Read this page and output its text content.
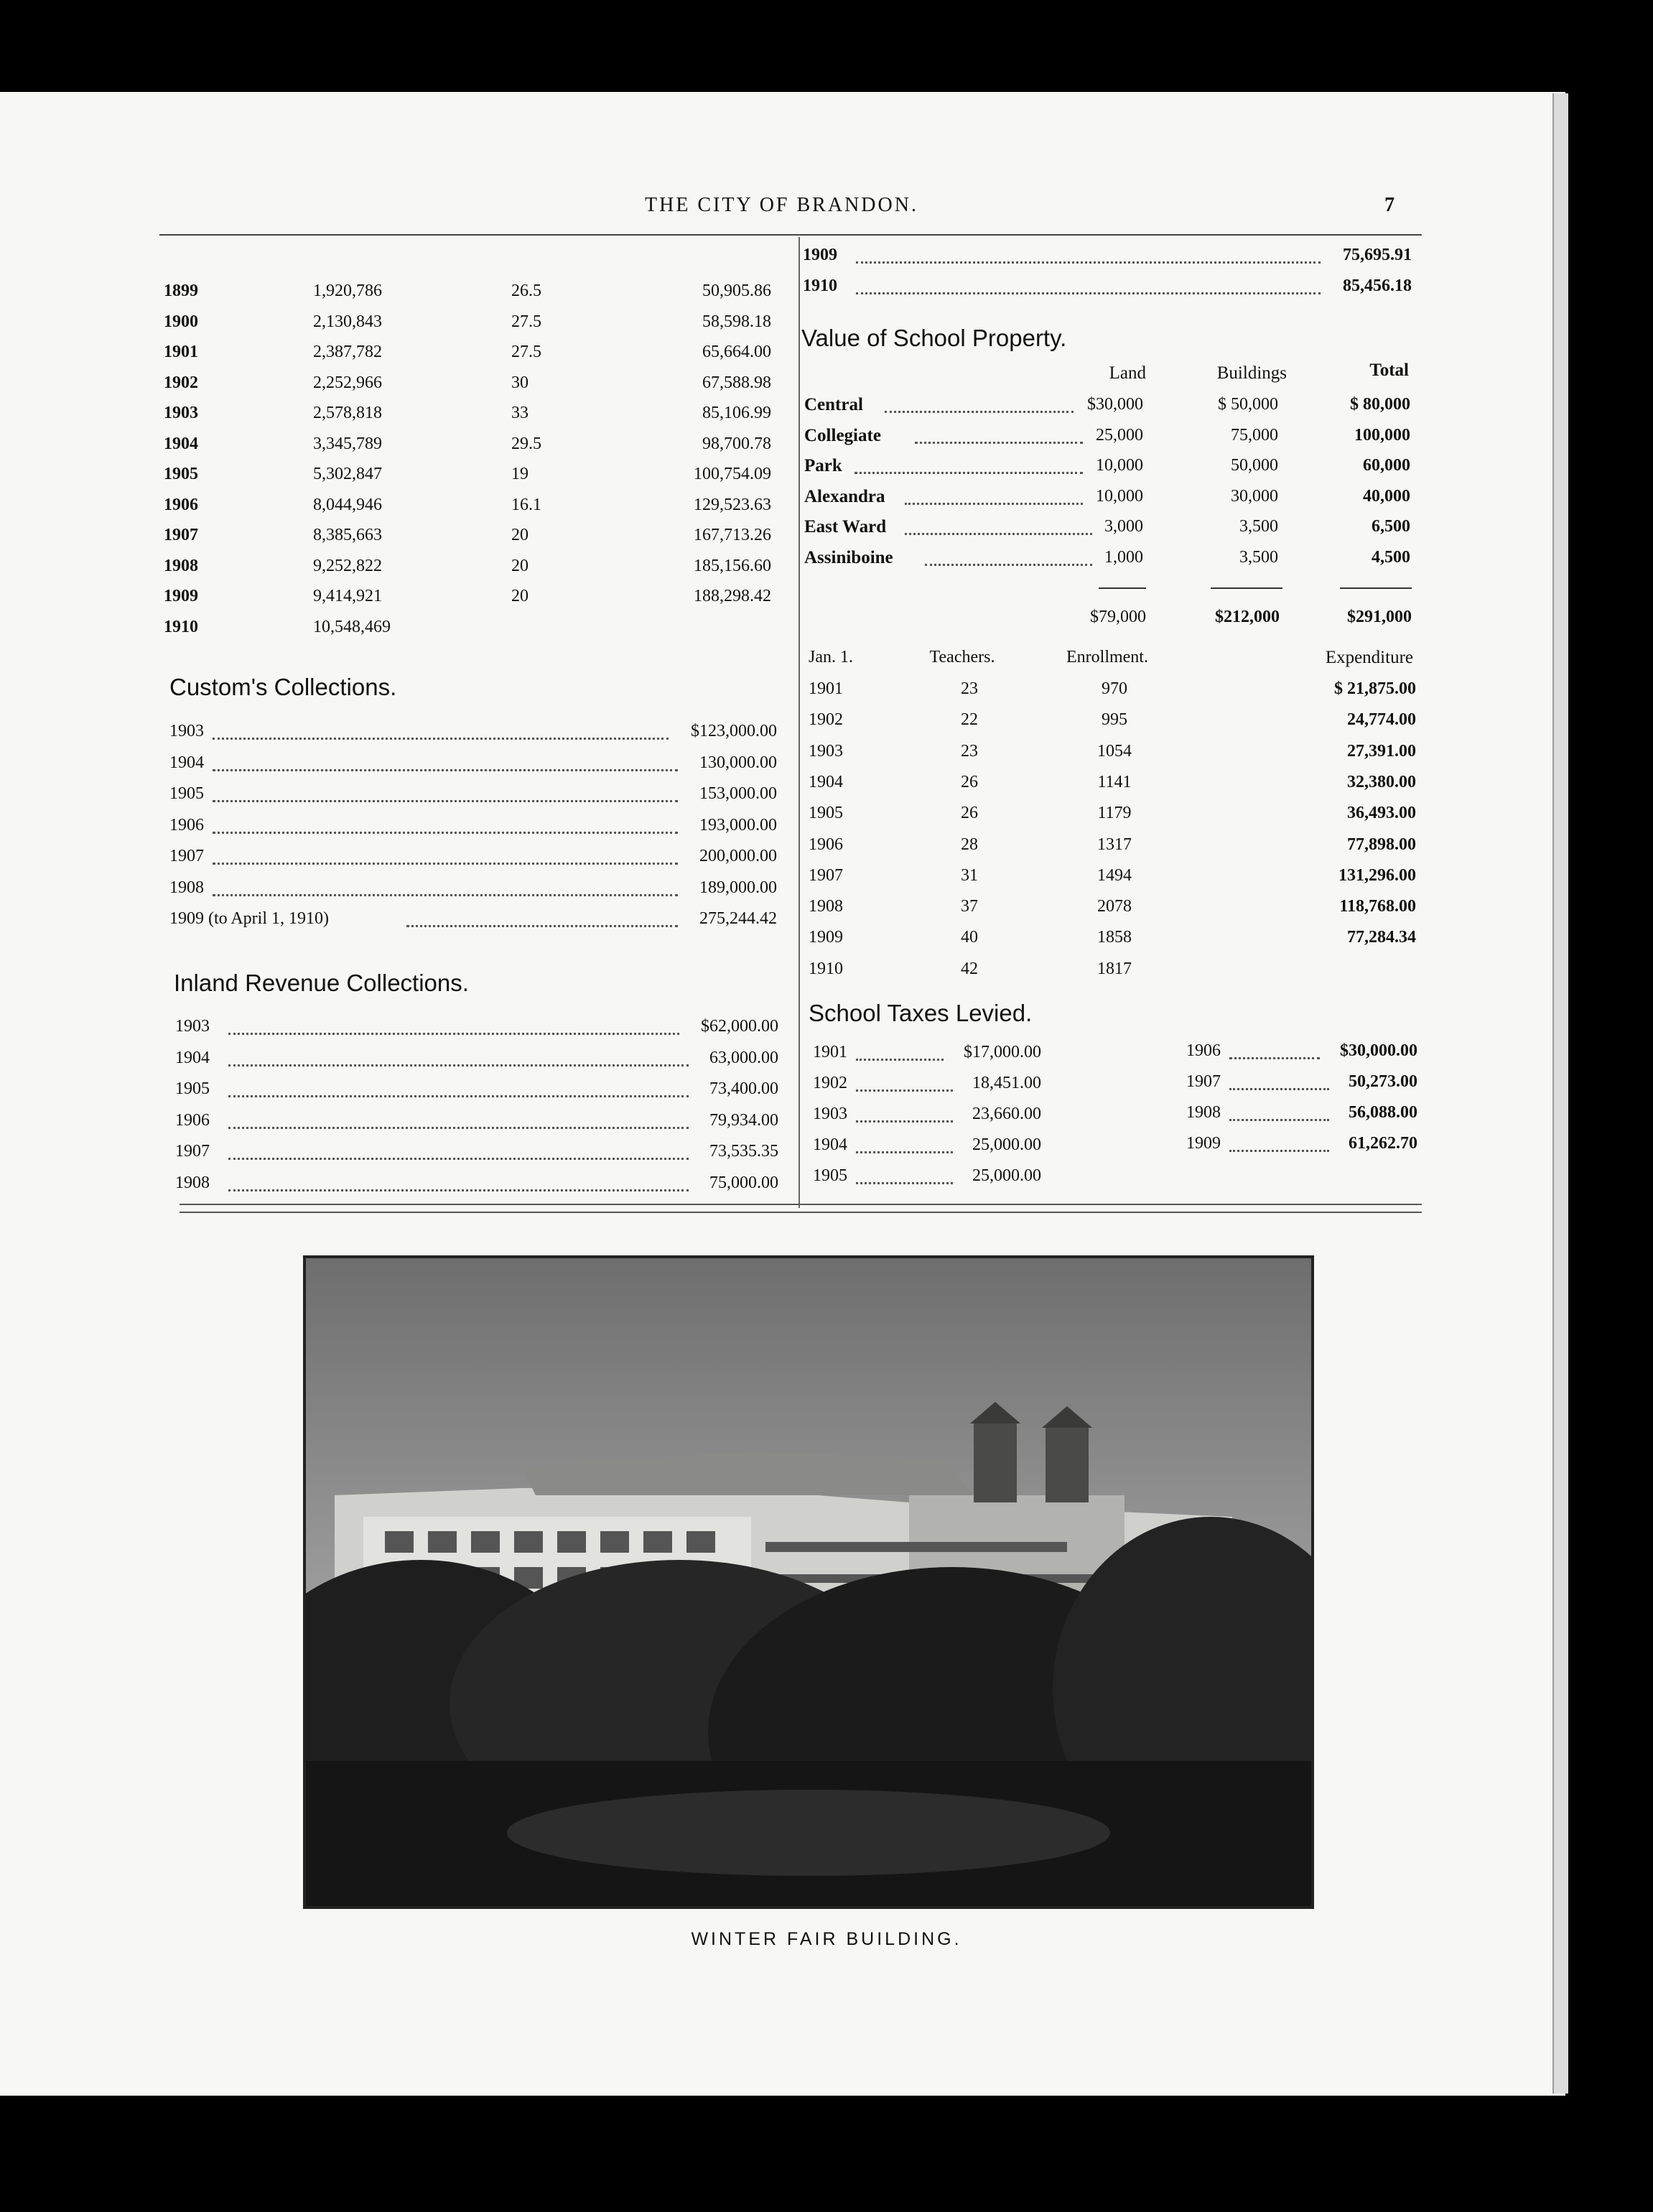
THE CITY OF BRANDON.	7
1899	1,920,786	26.5	50,905.86
1900	2,130,843	27.5	58,598.18
1901	2,387,782	27.5	65,664.00
1902	2,252,966	30	67,588.98
1903	2,578,818	33	85,106.99
1904	3,345,789	29.5	98,700.78
1905	5,302,847	19	100,754.09
1906	8,044,946	16.1	129,523.63
1907	8,385,663	20	167,713.26
1908	9,252,822	20	185,156.60
1909	9,414,921	20	188,298.42
1910	10,548,469
Custom's Collections.
1903	$123,000.00
1904	130,000.00
1905	153,000.00
1906	193,000.00
1907	200,000.00
1908	189,000.00
1909 (to April 1, 1910)	275,244.42
Inland Revenue Collections.
1903	$62,000.00
1904	63,000.00
1905	73,400.00
1906	79,934.00
1907	73,535.35
1908	75,000.00
1909	75,695.91
1910	85,456.18
Value of School Property.
Land	Buildings	Total
Central	$30,000	$ 50,000	$ 80,000
Collegiate	25,000	75,000	100,000
Park	10,000	50,000	60,000
Alexandra	10,000	30,000	40,000
East Ward	3,000	3,500	6,500
Assiniboine	1,000	3,500	4,500
$79,000	$212,000	$291,000
Jan. 1.	Teachers.	Enrollment.	Expenditure
1901	23	970	$ 21,875.00
1902	22	995	24,774.00
1903	23	1054	27,391.00
1904	26	1141	32,380.00
1905	26	1179	36,493.00
1906	28	1317	77,898.00
1907	31	1494	131,296.00
1908	37	2078	118,768.00
1909	40	1858	77,284.34
1910	42	1817
School Taxes Levied.
1901	$17,000.00
1902	18,451.00
1903	23,660.00
1904	25,000.00
1905	25,000.00
1906	$30,000.00
1907	50,273.00
1908	56,088.00
1909	61,262.70
WINTER FAIR BUILDING.
